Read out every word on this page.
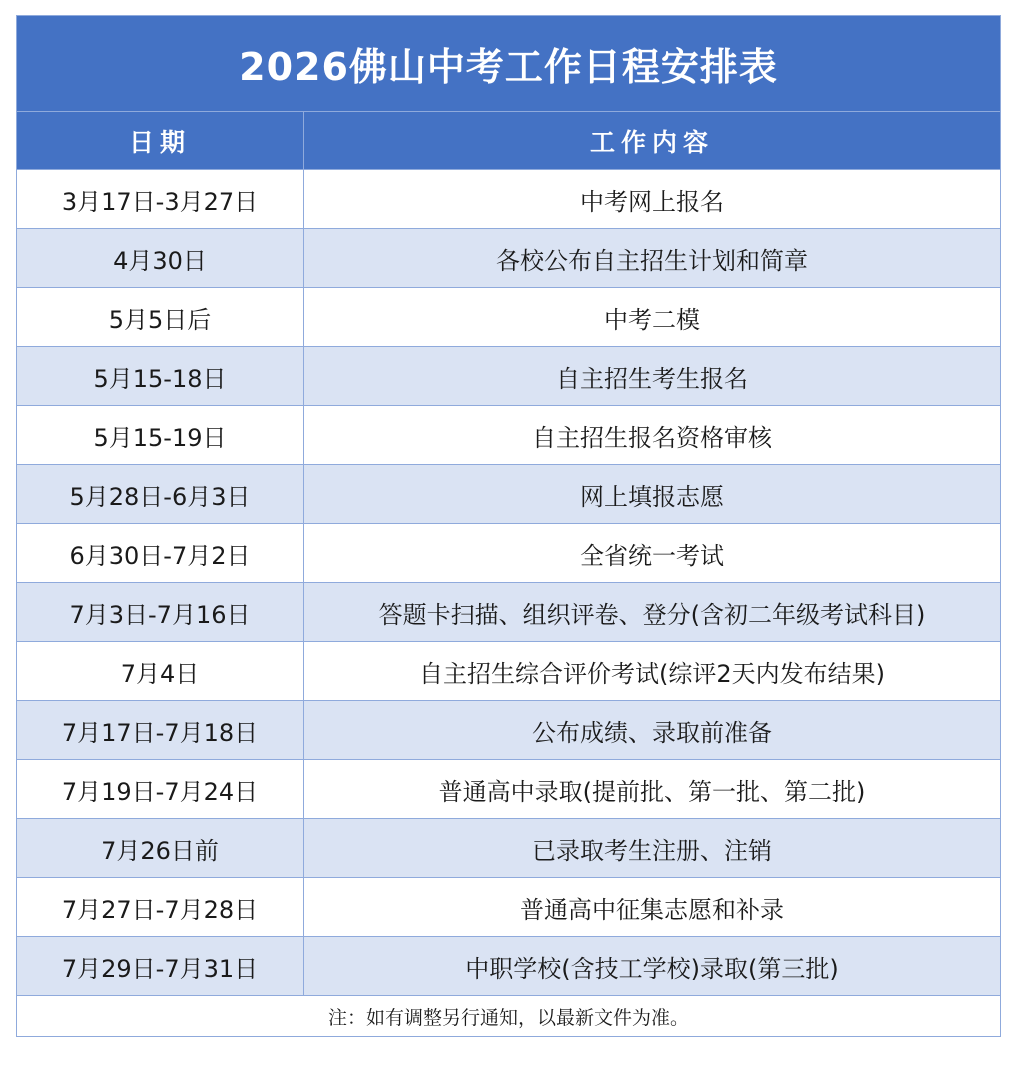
2026佛山中考工作日程安排表	
日期	工作内容
3月17日-3月27日	中考网上报名
4月30日	各校公布自主招生计划和简章
5月5日后	中考二模
5月15-18日	自主招生考生报名
5月15-19日	自主招生报名资格审核
5月28日-6月3日	网上填报志愿
6月30日-7月2日	全省统一考试
7月3日-7月16日	答题卡扫描、组织评卷、登分(含初二年级考试科目)
7月4日	自主招生综合评价考试(综评2天内发布结果)
7月17日-7月18日	公布成绩、录取前准备
7月19日-7月24日	普通高中录取(提前批、第一批、第二批)
7月26日前	已录取考生注册、注销
7月27日-7月28日	普通高中征集志愿和补录
7月29日-7月31日	中职学校(含技工学校)录取(第三批)
注：如有调整另行通知，以最新文件为准。	
